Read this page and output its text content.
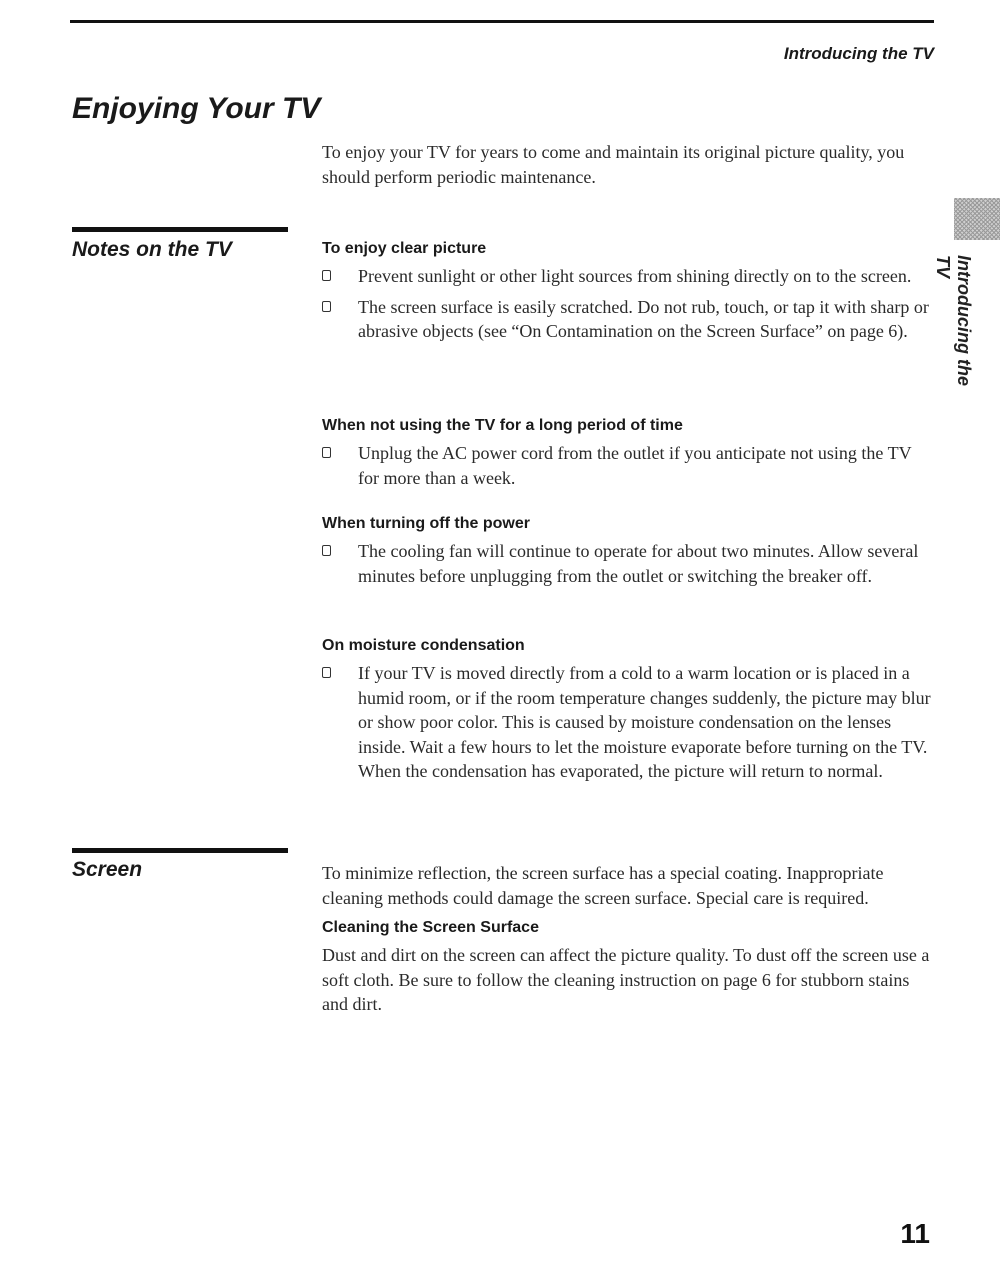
Introducing the TV
Enjoying Your TV

To enjoy your TV for years to come and maintain its original picture quality, you should perform periodic maintenance.

Introducing the TV
Notes on the TV	To enjoy clear picture
Prevent sunlight or other light sources from shining directly on to the screen.
The screen surface is easily scratched. Do not rub, touch, or tap it with sharp or abrasive objects (see “On Contamination on the Screen Surface” on page 6).
When not using the TV for a long period of time
Unplug the AC power cord from the outlet if you anticipate not using the TV for more than a week.
When turning off the power
The cooling fan will continue to operate for about two minutes. Allow several minutes before unplugging from the outlet or switching the breaker off.
On moisture condensation
If your TV is moved directly from a cold to a warm location or is placed in a humid room, or if the room temperature changes suddenly, the picture may blur or show poor color. This is caused by moisture condensation on the lenses inside. Wait a few hours to let the moisture evaporate before turning on the TV. When the condensation has evaporated, the picture will return to normal.
Screen	To minimize reflection, the screen surface has a special coating. Inappropriate cleaning methods could damage the screen surface. Special care is required.

Cleaning the Screen Surface

Dust and dirt on the screen can affect the picture quality. To dust off the screen use a soft cloth. Be sure to follow the cleaning instruction on page 6 for stubborn stains and dirt.

11
